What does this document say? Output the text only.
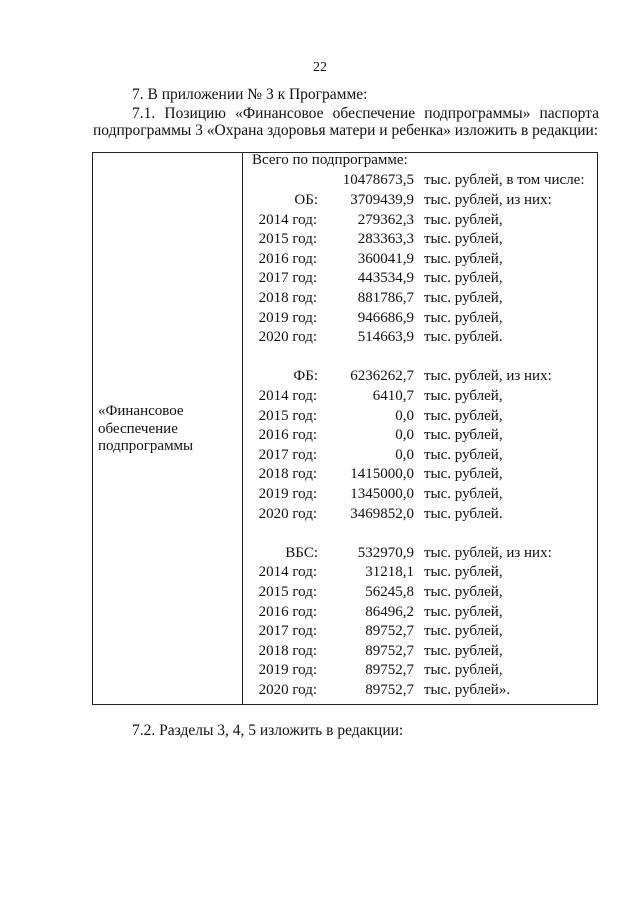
22
7. В приложении № 3 к Программе:
7.1. Позицию «Финансовое обеспечение подпрограммы» паспорта
подпрограммы 3 «Охрана здоровья матери и ребенка» изложить в редакции:
«Финансовое обеспечение подпрограммы
Всего по подпрограмме:
10478673,5 тыс. рублей, в том числе:
ОБ:	3709439,9 тыс. рублей, из них:
2014 год:	279362,3 тыс. рублей,
2015 год:	283363,3 тыс. рублей,
2016 год:	360041,9 тыс. рублей,
2017 год:	443534,9 тыс. рублей,
2018 год:	881786,7 тыс. рублей,
2019 год:	946686,9 тыс. рублей,
2020 год:	514663,9 тыс. рублей.
ФБ:	6236262,7 тыс. рублей, из них:
2014 год:	6410,7 тыс. рублей,
2015 год:	0,0 тыс. рублей,
2016 год:	0,0 тыс. рублей,
2017 год:	0,0 тыс. рублей,
2018 год:	1415000,0 тыс. рублей,
2019 год:	1345000,0 тыс. рублей,
2020 год:	3469852,0 тыс. рублей.
ВБС:	532970,9 тыс. рублей, из них:
2014 год:	31218,1 тыс. рублей,
2015 год:	56245,8 тыс. рублей,
2016 год:	86496,2 тыс. рублей,
2017 год:	89752,7 тыс. рублей,
2018 год:	89752,7 тыс. рублей,
2019 год:	89752,7 тыс. рублей,
2020 год:	89752,7 тыс. рублей».
7.2. Разделы 3, 4, 5 изложить в редакции:
